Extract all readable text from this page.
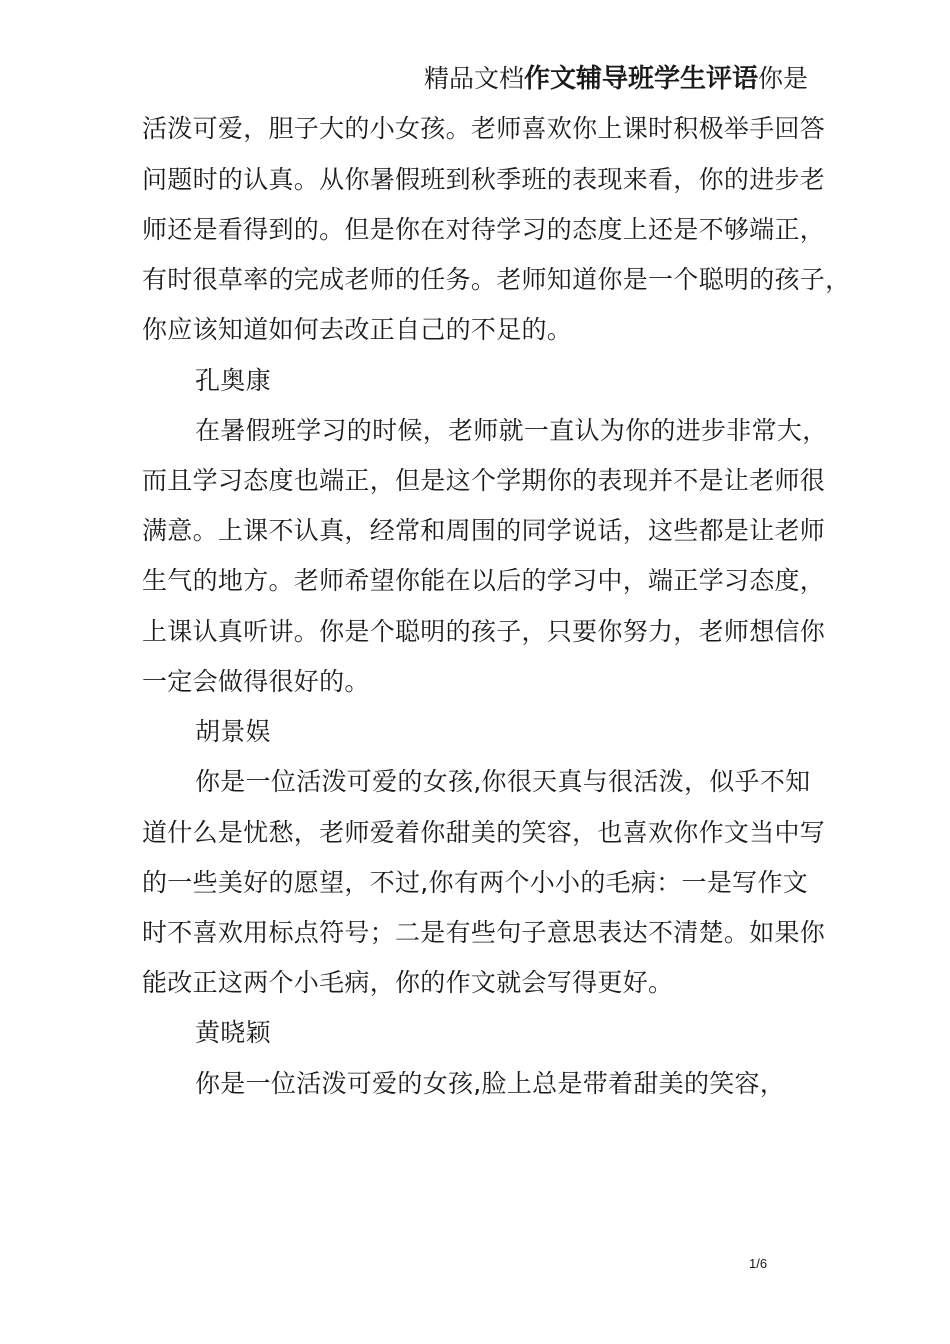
精品文档作文辅导班学生评语你是
活泼可爱，胆子大的小女孩。老师喜欢你上课时积极举手回答
问题时的认真。从你暑假班到秋季班的表现来看，你的进步老
师还是看得到的。但是你在对待学习的态度上还是不够端正，
有时很草率的完成老师的任务。老师知道你是一个聪明的孩子，
你应该知道如何去改正自己的不足的。
孔奥康
在暑假班学习的时候，老师就一直认为你的进步非常大，
而且学习态度也端正，但是这个学期你的表现并不是让老师很
满意。上课不认真，经常和周围的同学说话，这些都是让老师
生气的地方。老师希望你能在以后的学习中，端正学习态度，
上课认真听讲。你是个聪明的孩子，只要你努力，老师想信你
一定会做得很好的。
胡景娱
你是一位活泼可爱的女孩,你很天真与很活泼，似乎不知
道什么是忧愁，老师爱着你甜美的笑容，也喜欢你作文当中写
的一些美好的愿望，不过,你有两个小小的毛病：一是写作文
时不喜欢用标点符号；二是有些句子意思表达不清楚。如果你
能改正这两个小毛病，你的作文就会写得更好。
黄晓颖
你是一位活泼可爱的女孩,脸上总是带着甜美的笑容，
1/6
